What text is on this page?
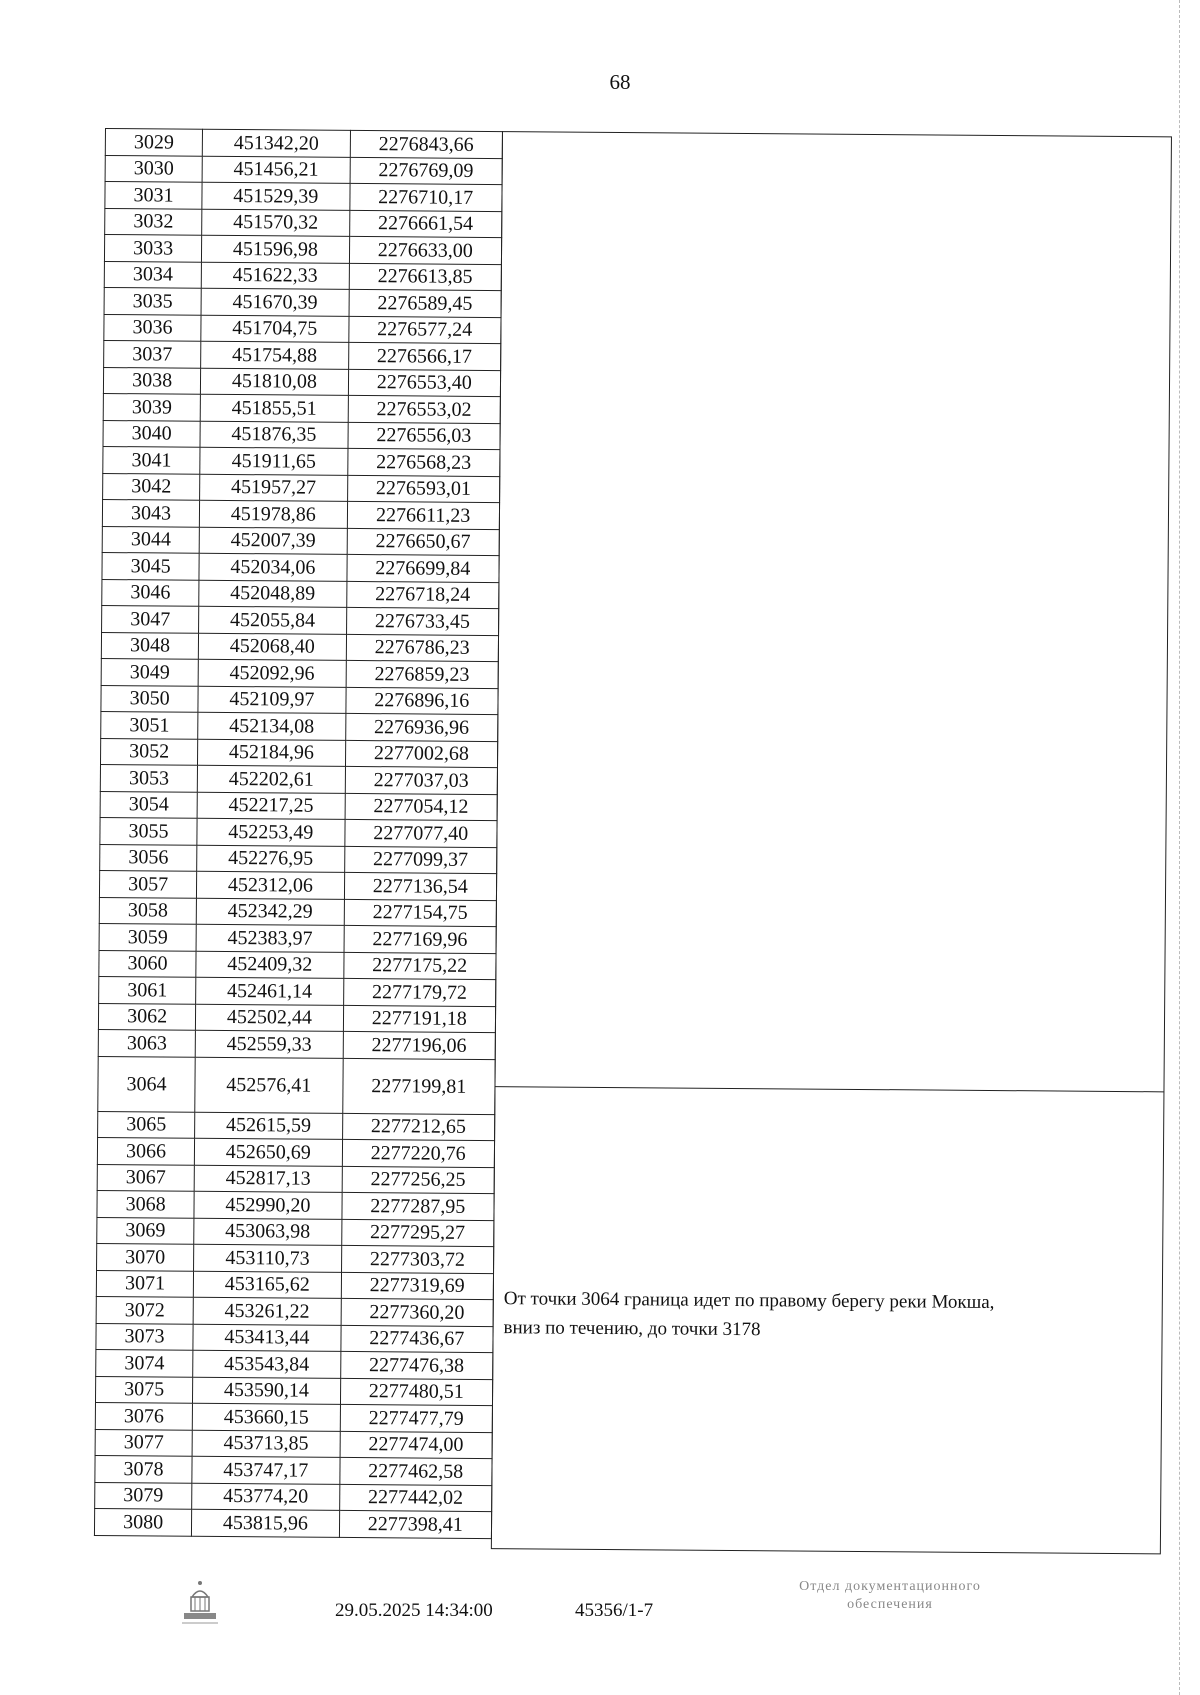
68
3029	451342,20	2276843,66
3030	451456,21	2276769,09
3031	451529,39	2276710,17
3032	451570,32	2276661,54
3033	451596,98	2276633,00
3034	451622,33	2276613,85
3035	451670,39	2276589,45
3036	451704,75	2276577,24
3037	451754,88	2276566,17
3038	451810,08	2276553,40
3039	451855,51	2276553,02
3040	451876,35	2276556,03
3041	451911,65	2276568,23
3042	451957,27	2276593,01
3043	451978,86	2276611,23
3044	452007,39	2276650,67
3045	452034,06	2276699,84
3046	452048,89	2276718,24
3047	452055,84	2276733,45
3048	452068,40	2276786,23
3049	452092,96	2276859,23
3050	452109,97	2276896,16
3051	452134,08	2276936,96
3052	452184,96	2277002,68
3053	452202,61	2277037,03
3054	452217,25	2277054,12
3055	452253,49	2277077,40
3056	452276,95	2277099,37
3057	452312,06	2277136,54
3058	452342,29	2277154,75
3059	452383,97	2277169,96
3060	452409,32	2277175,22
3061	452461,14	2277179,72
3062	452502,44	2277191,18
3063	452559,33	2277196,06
3064	452576,41	2277199,81
3065	452615,59	2277212,65
3066	452650,69	2277220,76
3067	452817,13	2277256,25
3068	452990,20	2277287,95
3069	453063,98	2277295,27
3070	453110,73	2277303,72
3071	453165,62	2277319,69
3072	453261,22	2277360,20
3073	453413,44	2277436,67
3074	453543,84	2277476,38
3075	453590,14	2277480,51
3076	453660,15	2277477,79
3077	453713,85	2277474,00
3078	453747,17	2277462,58
3079	453774,20	2277442,02
3080	453815,96	2277398,41
От точки 3064 граница идет по правому берегу реки Мокша,
вниз по течению, до точки 3178
29.05.2025 14:34:00	45356/1-7
Отдел документационного
обеспечения
